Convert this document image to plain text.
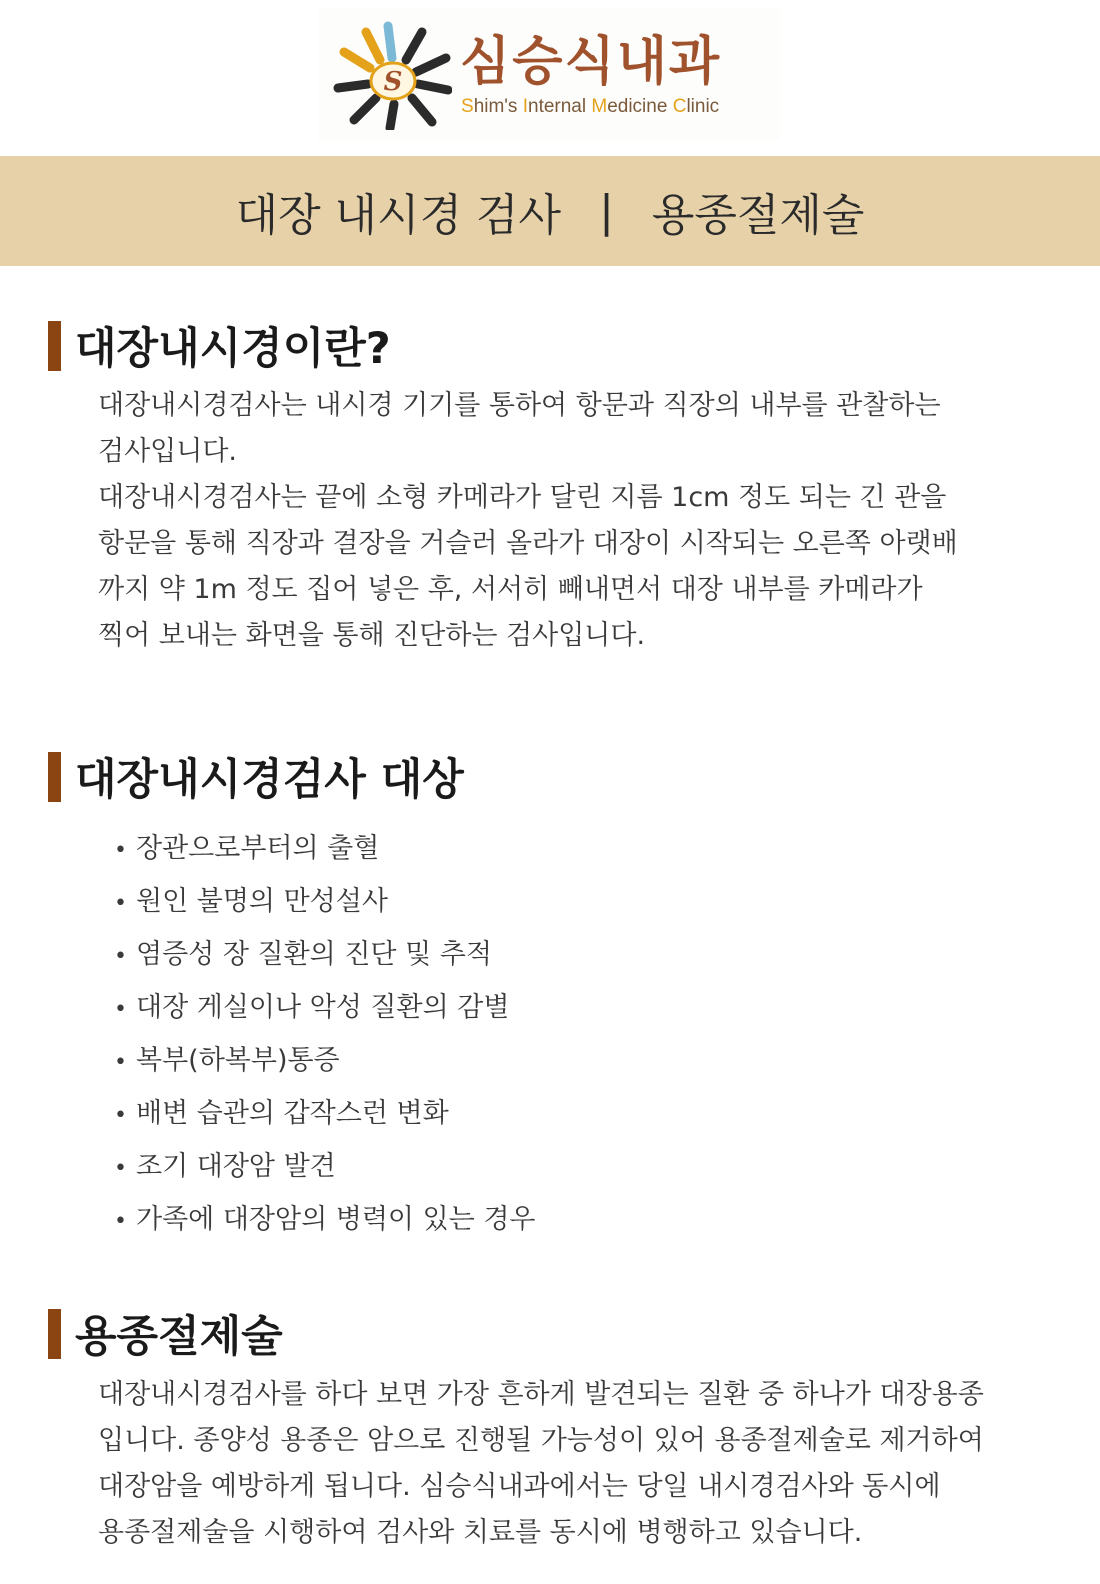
S 심승식내과
Shim's Internal Medicine Clinic
대장 내시경 검사 | 용종절제술
대장내시경이란?
대장내시경검사는 내시경 기기를 통하여 항문과 직장의 내부를 관찰하는
검사입니다.
대장내시경검사는 끝에 소형 카메라가 달린 지름 1cm 정도 되는 긴 관을
항문을 통해 직장과 결장을 거슬러 올라가 대장이 시작되는 오른쪽 아랫배
까지 약 1m 정도 집어 넣은 후, 서서히 빼내면서 대장 내부를 카메라가
찍어 보내는 화면을 통해 진단하는 검사입니다.
대장내시경검사 대상
• 장관으로부터의 출혈
• 원인 불명의 만성설사
• 염증성 장 질환의 진단 및 추적
• 대장 게실이나 악성 질환의 감별
• 복부(하복부)통증
• 배변 습관의 갑작스런 변화
• 조기 대장암 발견
• 가족에 대장암의 병력이 있는 경우
용종절제술
대장내시경검사를 하다 보면 가장 흔하게 발견되는 질환 중 하나가 대장용종
입니다. 종양성 용종은 암으로 진행될 가능성이 있어 용종절제술로 제거하여
대장암을 예방하게 됩니다. 심승식내과에서는 당일 내시경검사와 동시에
용종절제술을 시행하여 검사와 치료를 동시에 병행하고 있습니다.
